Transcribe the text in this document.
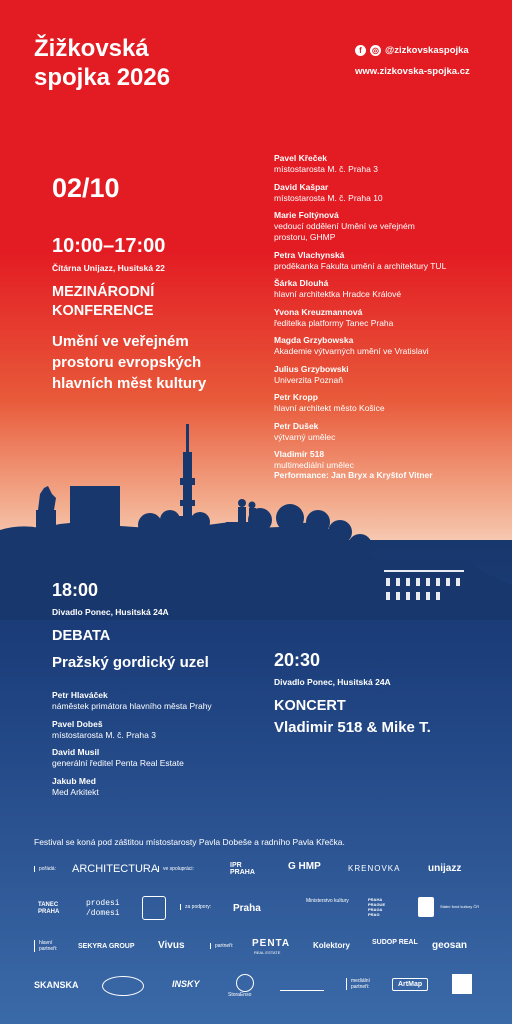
Žižkovská
spojka 2026
f	◎ @zizkovskaspojka
www.zizkovska-spojka.cz
02/10
10:00–17:00
Čítárna Unijazz, Husitská 22
MEZINÁRODNÍ
KONFERENCE
Umění ve veřejném
prostoru evropských
hlavních měst kultury
Pavel Křeček
místostarosta M. č. Praha 3
David Kašpar
místostarosta M. č. Praha 10
Marie Foltýnová
vedoucí oddělení Umění ve veřejném
prostoru, GHMP
Petra Vlachynská
proděkanka Fakulta umění a architektury TUL
Šárka Dlouhá
hlavní architektka Hradce Králové
Yvona Kreuzmannová
ředitelka platformy Tanec Praha
Magda Grzybowska
Akademie výtvarných umění ve Vratislavi
Julius Grzybowski
Univerzita Poznaň
Petr Kropp
hlavní architekt město Košice
Petr Dušek
výtvarný umělec
Vladimír 518
multimediální umělec
Performance: Jan Bryx a Kryštof Vitner
18:00
Divadlo Ponec, Husitská 24A
DEBATA
Pražský gordický uzel
Petr Hlaváček
náměstek primátora hlavního města Prahy
Pavel Dobeš
místostarosta M. č. Praha 3
David Musil
generální ředitel Penta Real Estate
Jakub Med
Med Arkitekt
20:30
Divadlo Ponec, Husitská 24A
KONCERT
Vladimir 518 & Mike T.
Festival se koná pod záštitou místostarosty Pavla Dobeše a radního Pavla Křečka.
pořádá: ARCHITECTURA ve spolupráci:	IPR PRAHA
G HMP	KRENOVKA	unijazz
TANEC PRAHA
prodesi /domesi
za podpory: Praha
Ministerstvo kultury	PRAHA PRAGUE PRAGA PRAG
Státní fond kultury ČR
hlavní
partneři:	SEKYRA GROUP Vivus	partneři: PENTA
REAL ESTATE
Kolektory	SUDOP REAL geosan
SKANSKA	INSKY
StoraEnso
mediální
partneři:	ArtMap
